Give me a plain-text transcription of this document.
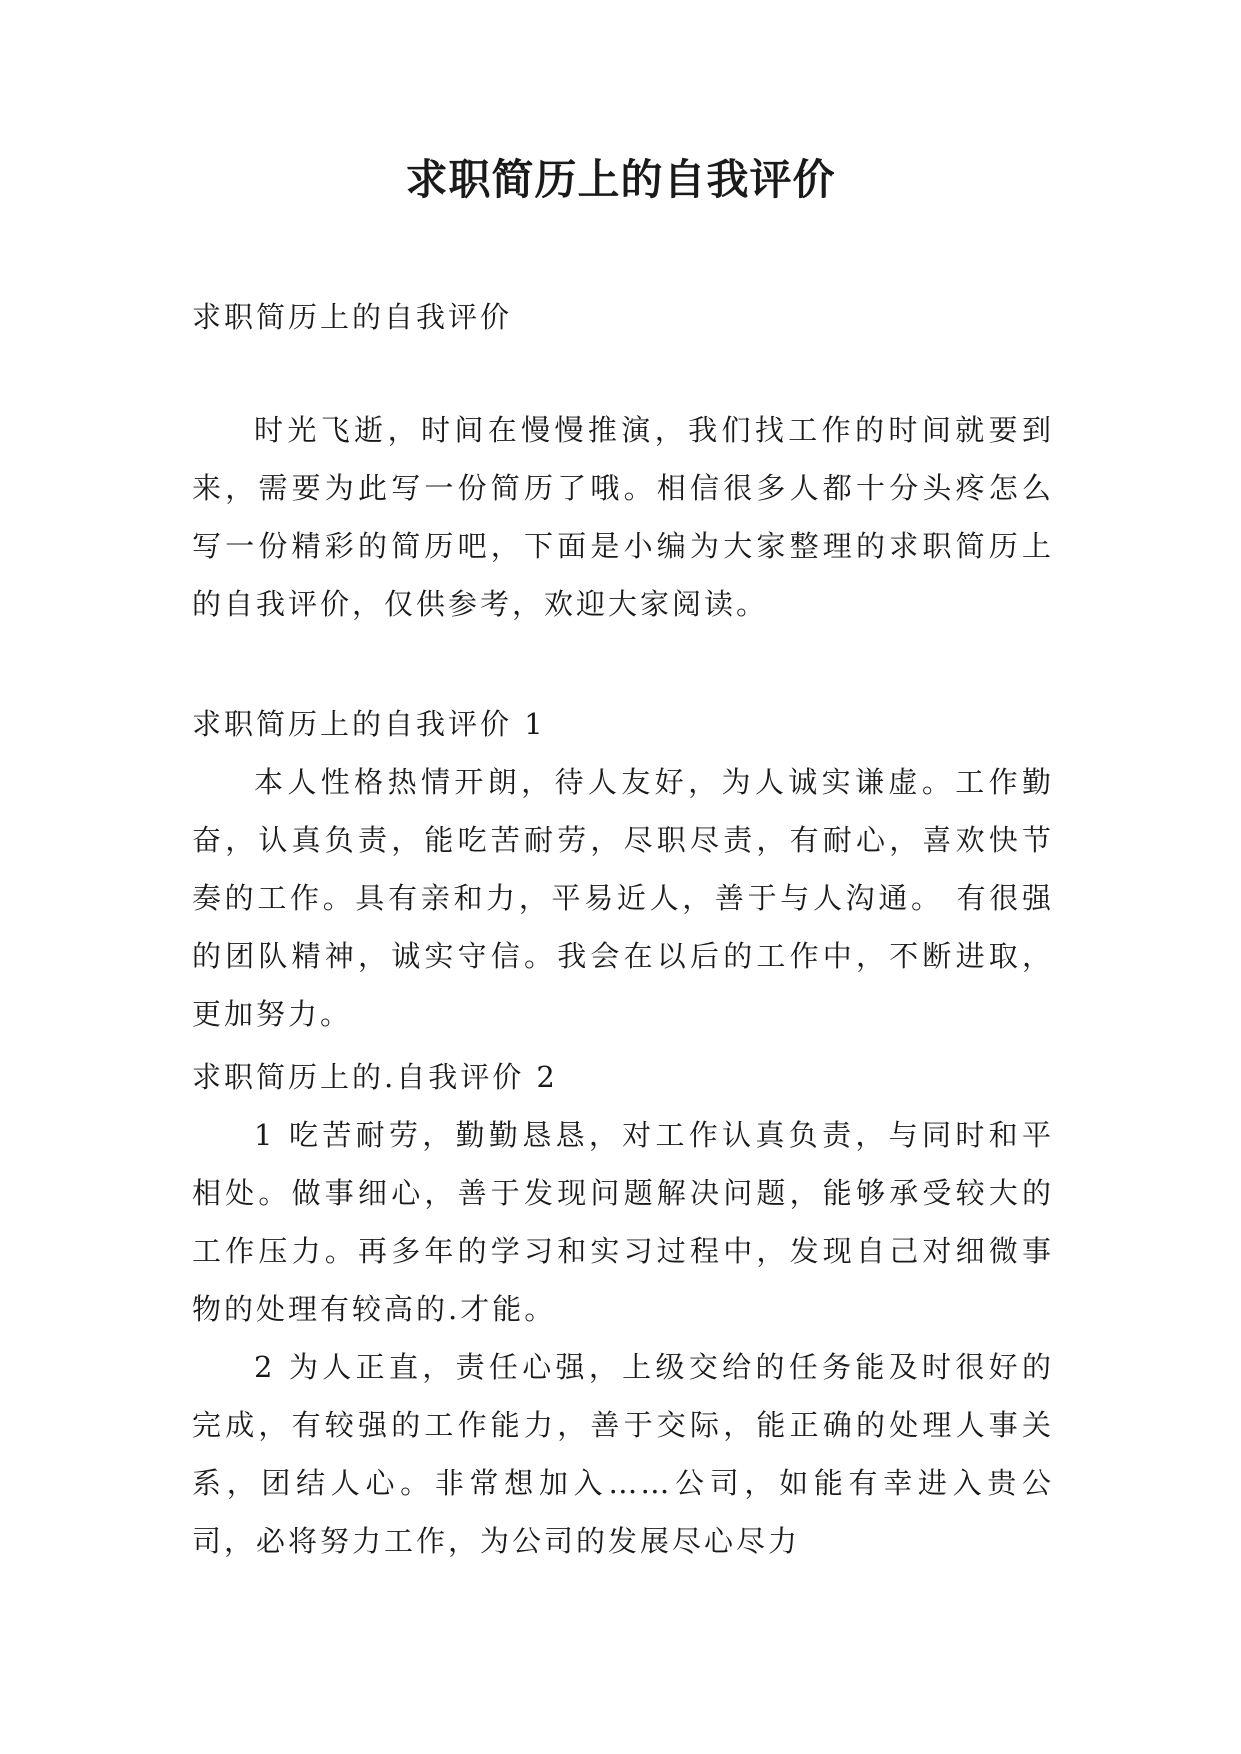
求职简历上的自我评价

求职简历上的自我评价

时光飞逝，时间在慢慢推演，我们找工作的时间就要到来，需要为此写一份简历了哦。相信很多人都十分头疼怎么写一份精彩的简历吧，下面是小编为大家整理的求职简历上的自我评价，仅供参考，欢迎大家阅读。

求职简历上的自我评价 1

本人性格热情开朗，待人友好，为人诚实谦虚。工作勤奋，认真负责，能吃苦耐劳，尽职尽责，有耐心，喜欢快节奏的工作。具有亲和力，平易近人，善于与人沟通。 有很强的团队精神，诚实守信。我会在以后的工作中，不断进取，更加努力。

求职简历上的.自我评价 2

1 吃苦耐劳，勤勤恳恳，对工作认真负责，与同时和平相处。做事细心，善于发现问题解决问题，能够承受较大的工作压力。再多年的学习和实习过程中，发现自己对细微事物的处理有较高的.才能。

2 为人正直，责任心强，上级交给的任务能及时很好的完成，有较强的工作能力，善于交际，能正确的处理人事关系，团结人心。非常想加入……公司，如能有幸进入贵公司，必将努力工作，为公司的发展尽心尽力
